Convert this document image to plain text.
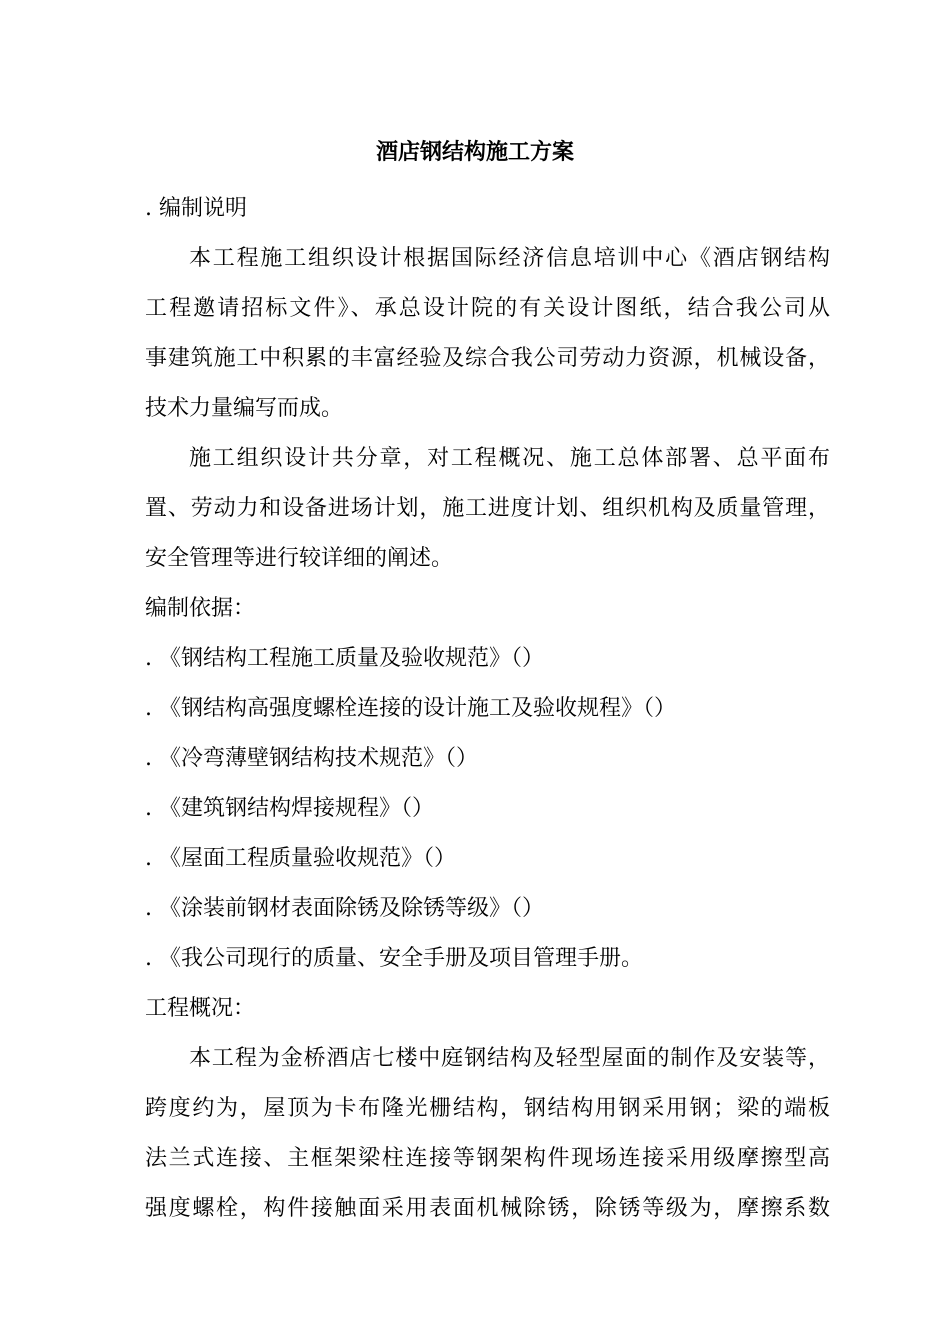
酒店钢结构施工方案
. 编制说明
本工程施工组织设计根据国际经济信息培训中心《酒店钢结构
工程邀请招标文件》、承总设计院的有关设计图纸，结合我公司从
事建筑施工中积累的丰富经验及综合我公司劳动力资源，机械设备，
技术力量编写而成。
施工组织设计共分章，对工程概况、施工总体部署、总平面布
置、劳动力和设备进场计划，施工进度计划、组织机构及质量管理，
安全管理等进行较详细的阐述。
编制依据：
. 《钢结构工程施工质量及验收规范》（）
. 《钢结构高强度螺栓连接的设计施工及验收规程》（）
. 《冷弯薄壁钢结构技术规范》（）
. 《建筑钢结构焊接规程》（）
. 《屋面工程质量验收规范》（）
. 《涂装前钢材表面除锈及除锈等级》（）
. 《我公司现行的质量、安全手册及项目管理手册。
工程概况：
本工程为金桥酒店七楼中庭钢结构及轻型屋面的制作及安装等，
跨度约为，屋顶为卡布隆光栅结构，钢结构用钢采用钢；梁的端板
法兰式连接、主框架梁柱连接等钢架构件现场连接采用级摩擦型高
强度螺栓，构件接触面采用表面机械除锈，除锈等级为，摩擦系数
